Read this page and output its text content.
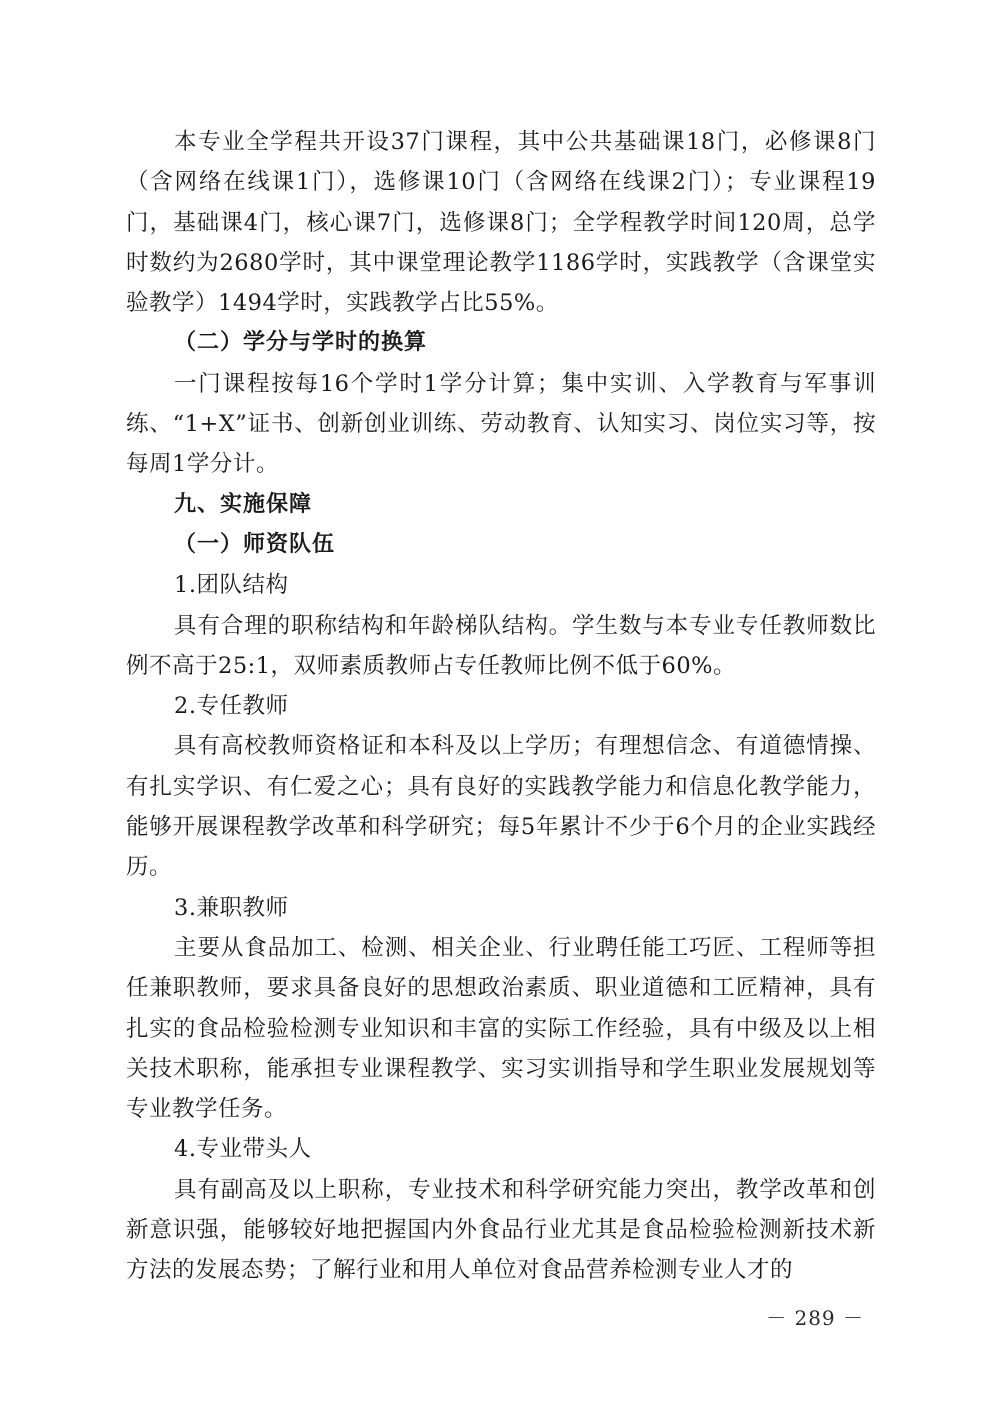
本专业全学程共开设37门课程，其中公共基础课18门，必修课8门（含网络在线课1门），选修课10门（含网络在线课2门）；专业课程19门，基础课4门，核心课7门，选修课8门；全学程教学时间120周，总学时数约为2680学时，其中课堂理论教学1186学时，实践教学（含课堂实验教学）1494学时，实践教学占比55%。

（二）学分与学时的换算

一门课程按每16个学时1学分计算；集中实训、入学教育与军事训练、“1+X”证书、创新创业训练、劳动教育、认知实习、岗位实习等，按每周1学分计。

九、实施保障

（一）师资队伍

1.团队结构

具有合理的职称结构和年龄梯队结构。学生数与本专业专任教师数比例不高于25:1，双师素质教师占专任教师比例不低于60%。

2.专任教师

具有高校教师资格证和本科及以上学历；有理想信念、有道德情操、有扎实学识、有仁爱之心；具有良好的实践教学能力和信息化教学能力，能够开展课程教学改革和科学研究；每5年累计不少于6个月的企业实践经历。

3.兼职教师

主要从食品加工、检测、相关企业、行业聘任能工巧匠、工程师等担任兼职教师，要求具备良好的思想政治素质、职业道德和工匠精神，具有扎实的食品检验检测专业知识和丰富的实际工作经验，具有中级及以上相关技术职称，能承担专业课程教学、实习实训指导和学生职业发展规划等专业教学任务。

4.专业带头人

具有副高及以上职称，专业技术和科学研究能力突出，教学改革和创新意识强，能够较好地把握国内外食品行业尤其是食品检验检测新技术新方法的发展态势；了解行业和用人单位对食品营养检测专业人才的

－ 289 －
